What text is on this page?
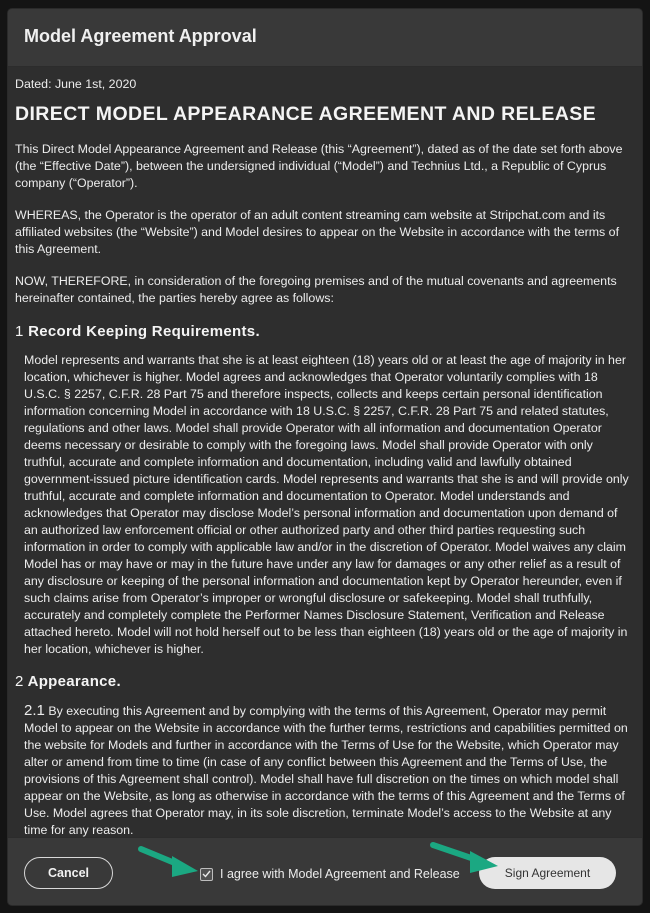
Model Agreement Approval

Dated: June 1st, 2020

DIRECT MODEL APPEARANCE AGREEMENT AND RELEASE

This Direct Model Appearance Agreement and Release (this “Agreement”), dated as of the date set forth above (the “Effective Date”), between the undersigned individual (“Model”) and Technius Ltd., a Republic of Cyprus company (“Operator”).

WHEREAS, the Operator is the operator of an adult content streaming cam website at Stripchat.com and its affiliated websites (the “Website”) and Model desires to appear on the Website in accordance with the terms of this Agreement.

NOW, THEREFORE, in consideration of the foregoing premises and of the mutual covenants and agreements hereinafter contained, the parties hereby agree as follows:

1 Record Keeping Requirements.

Model represents and warrants that she is at least eighteen (18) years old or at least the age of majority in her location, whichever is higher. Model agrees and acknowledges that Operator voluntarily complies with 18 U.S.C. § 2257, C.F.R. 28 Part 75 and therefore inspects, collects and keeps certain personal identification information concerning Model in accordance with 18 U.S.C. § 2257, C.F.R. 28 Part 75 and related statutes, regulations and other laws. Model shall provide Operator with all information and documentation Operator deems necessary or desirable to comply with the foregoing laws. Model shall provide Operator with only truthful, accurate and complete information and documentation, including valid and lawfully obtained government-issued picture identification cards. Model represents and warrants that she is and will provide only truthful, accurate and complete information and documentation to Operator. Model understands and acknowledges that Operator may disclose Model’s personal information and documentation upon demand of an authorized law enforcement official or other authorized party and other third parties requesting such information in order to comply with applicable law and/or in the discretion of Operator. Model waives any claim Model has or may have or may in the future have under any law for damages or any other relief as a result of any disclosure or keeping of the personal information and documentation kept by Operator hereunder, even if such claims arise from Operator’s improper or wrongful disclosure or safekeeping. Model shall truthfully, accurately and completely complete the Performer Names Disclosure Statement, Verification and Release attached hereto. Model will not hold herself out to be less than eighteen (18) years old or the age of majority in her location, whichever is higher.

2 Appearance.

2.1 By executing this Agreement and by complying with the terms of this Agreement, Operator may permit Model to appear on the Website in accordance with the further terms, restrictions and capabilities permitted on the website for Models and further in accordance with the Terms of Use for the Website, which Operator may alter or amend from time to time (in case of any conflict between this Agreement and the Terms of Use, the provisions of this Agreement shall control). Model shall have full discretion on the times on which model shall appear on the Website, as long as otherwise in accordance with the terms of this Agreement and the Terms of Use. Model agrees that Operator may, in its sole discretion, terminate Model’s access to the Website at any time for any reason.

Cancel	I agree with Model Agreement and Release	Sign Agreement
